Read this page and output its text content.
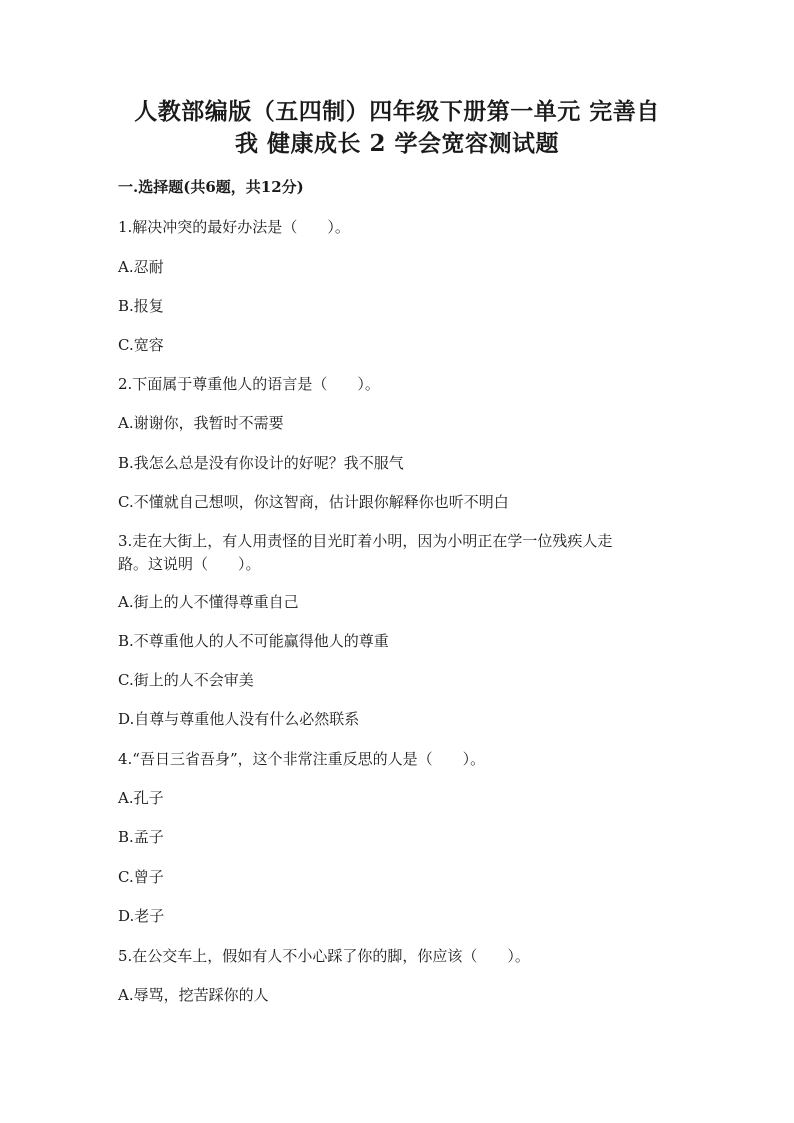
人教部编版（五四制）四年级下册第一单元 完善自
我 健康成长 2 学会宽容测试题
一.选择题(共6题，共12分)
1.解决冲突的最好办法是（　　）。
A.忍耐
B.报复
C.宽容
2.下面属于尊重他人的语言是（　　）。
A.谢谢你，我暂时不需要
B.我怎么总是没有你设计的好呢？我不服气
C.不懂就自己想呗，你这智商，估计跟你解释你也听不明白
3.走在大街上，有人用责怪的目光盯着小明，因为小明正在学一位残疾人走
路。这说明（　　）。
A.街上的人不懂得尊重自己
B.不尊重他人的人不可能赢得他人的尊重
C.街上的人不会审美
D.自尊与尊重他人没有什么必然联系
4.“吾日三省吾身”，这个非常注重反思的人是（　　）。
A.孔子
B.孟子
C.曾子
D.老子
5.在公交车上，假如有人不小心踩了你的脚，你应该（　　）。
A.辱骂，挖苦踩你的人
